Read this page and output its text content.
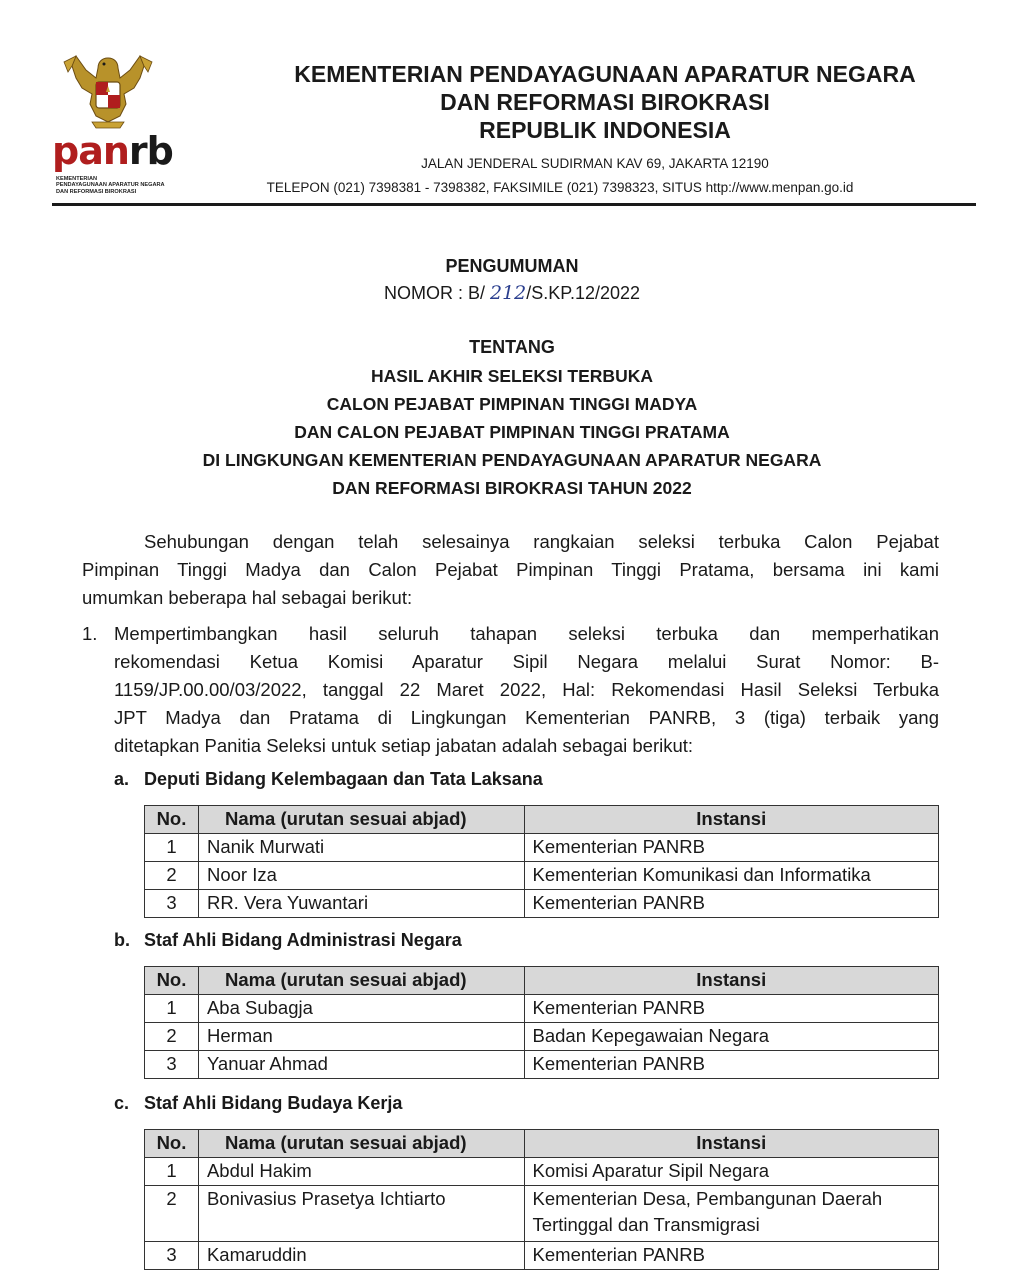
panrb
KEMENTERIAN
PENDAYAGUNAAN APARATUR NEGARA
DAN REFORMASI BIROKRASI
KEMENTERIAN PENDAYAGUNAAN APARATUR NEGARA
DAN REFORMASI BIROKRASI
REPUBLIK INDONESIA
JALAN JENDERAL SUDIRMAN KAV 69, JAKARTA 12190
TELEPON (021) 7398381 - 7398382, FAKSIMILE (021) 7398323, SITUS http://www.menpan.go.id
PENGUMUMAN
NOMOR : B/ 212/S.KP.12/2022
TENTANG
HASIL AKHIR SELEKSI TERBUKA
CALON PEJABAT PIMPINAN TINGGI MADYA
DAN CALON PEJABAT PIMPINAN TINGGI PRATAMA
DI LINGKUNGAN KEMENTERIAN PENDAYAGUNAAN APARATUR NEGARA
DAN REFORMASI BIROKRASI TAHUN 2022
Sehubungan dengan telah selesainya rangkaian seleksi terbuka Calon Pejabat
Pimpinan Tinggi Madya dan Calon Pejabat Pimpinan Tinggi Pratama, bersama ini kami
umumkan beberapa hal sebagai berikut:
1. Mempertimbangkan hasil seluruh tahapan seleksi terbuka dan memperhatikan
rekomendasi Ketua Komisi Aparatur Sipil Negara melalui Surat Nomor: B-
1159/JP.00.00/03/2022, tanggal 22 Maret 2022, Hal: Rekomendasi Hasil Seleksi Terbuka
JPT Madya dan Pratama di Lingkungan Kementerian PANRB, 3 (tiga) terbaik yang
ditetapkan Panitia Seleksi untuk setiap jabatan adalah sebagai berikut:
a. Deputi Bidang Kelembagaan dan Tata Laksana
No.	Nama (urutan sesuai abjad)	Instansi
1	Nanik Murwati	Kementerian PANRB
2	Noor Iza	Kementerian Komunikasi dan Informatika
3	RR. Vera Yuwantari	Kementerian PANRB
b. Staf Ahli Bidang Administrasi Negara
No.	Nama (urutan sesuai abjad)	Instansi
1	Aba Subagja	Kementerian PANRB
2	Herman	Badan Kepegawaian Negara
3	Yanuar Ahmad	Kementerian PANRB
c. Staf Ahli Bidang Budaya Kerja
No.	Nama (urutan sesuai abjad)	Instansi
1	Abdul Hakim	Komisi Aparatur Sipil Negara
2	Bonivasius Prasetya Ichtiarto	Kementerian Desa, Pembangunan Daerah Tertinggal dan Transmigrasi
3	Kamaruddin	Kementerian PANRB
